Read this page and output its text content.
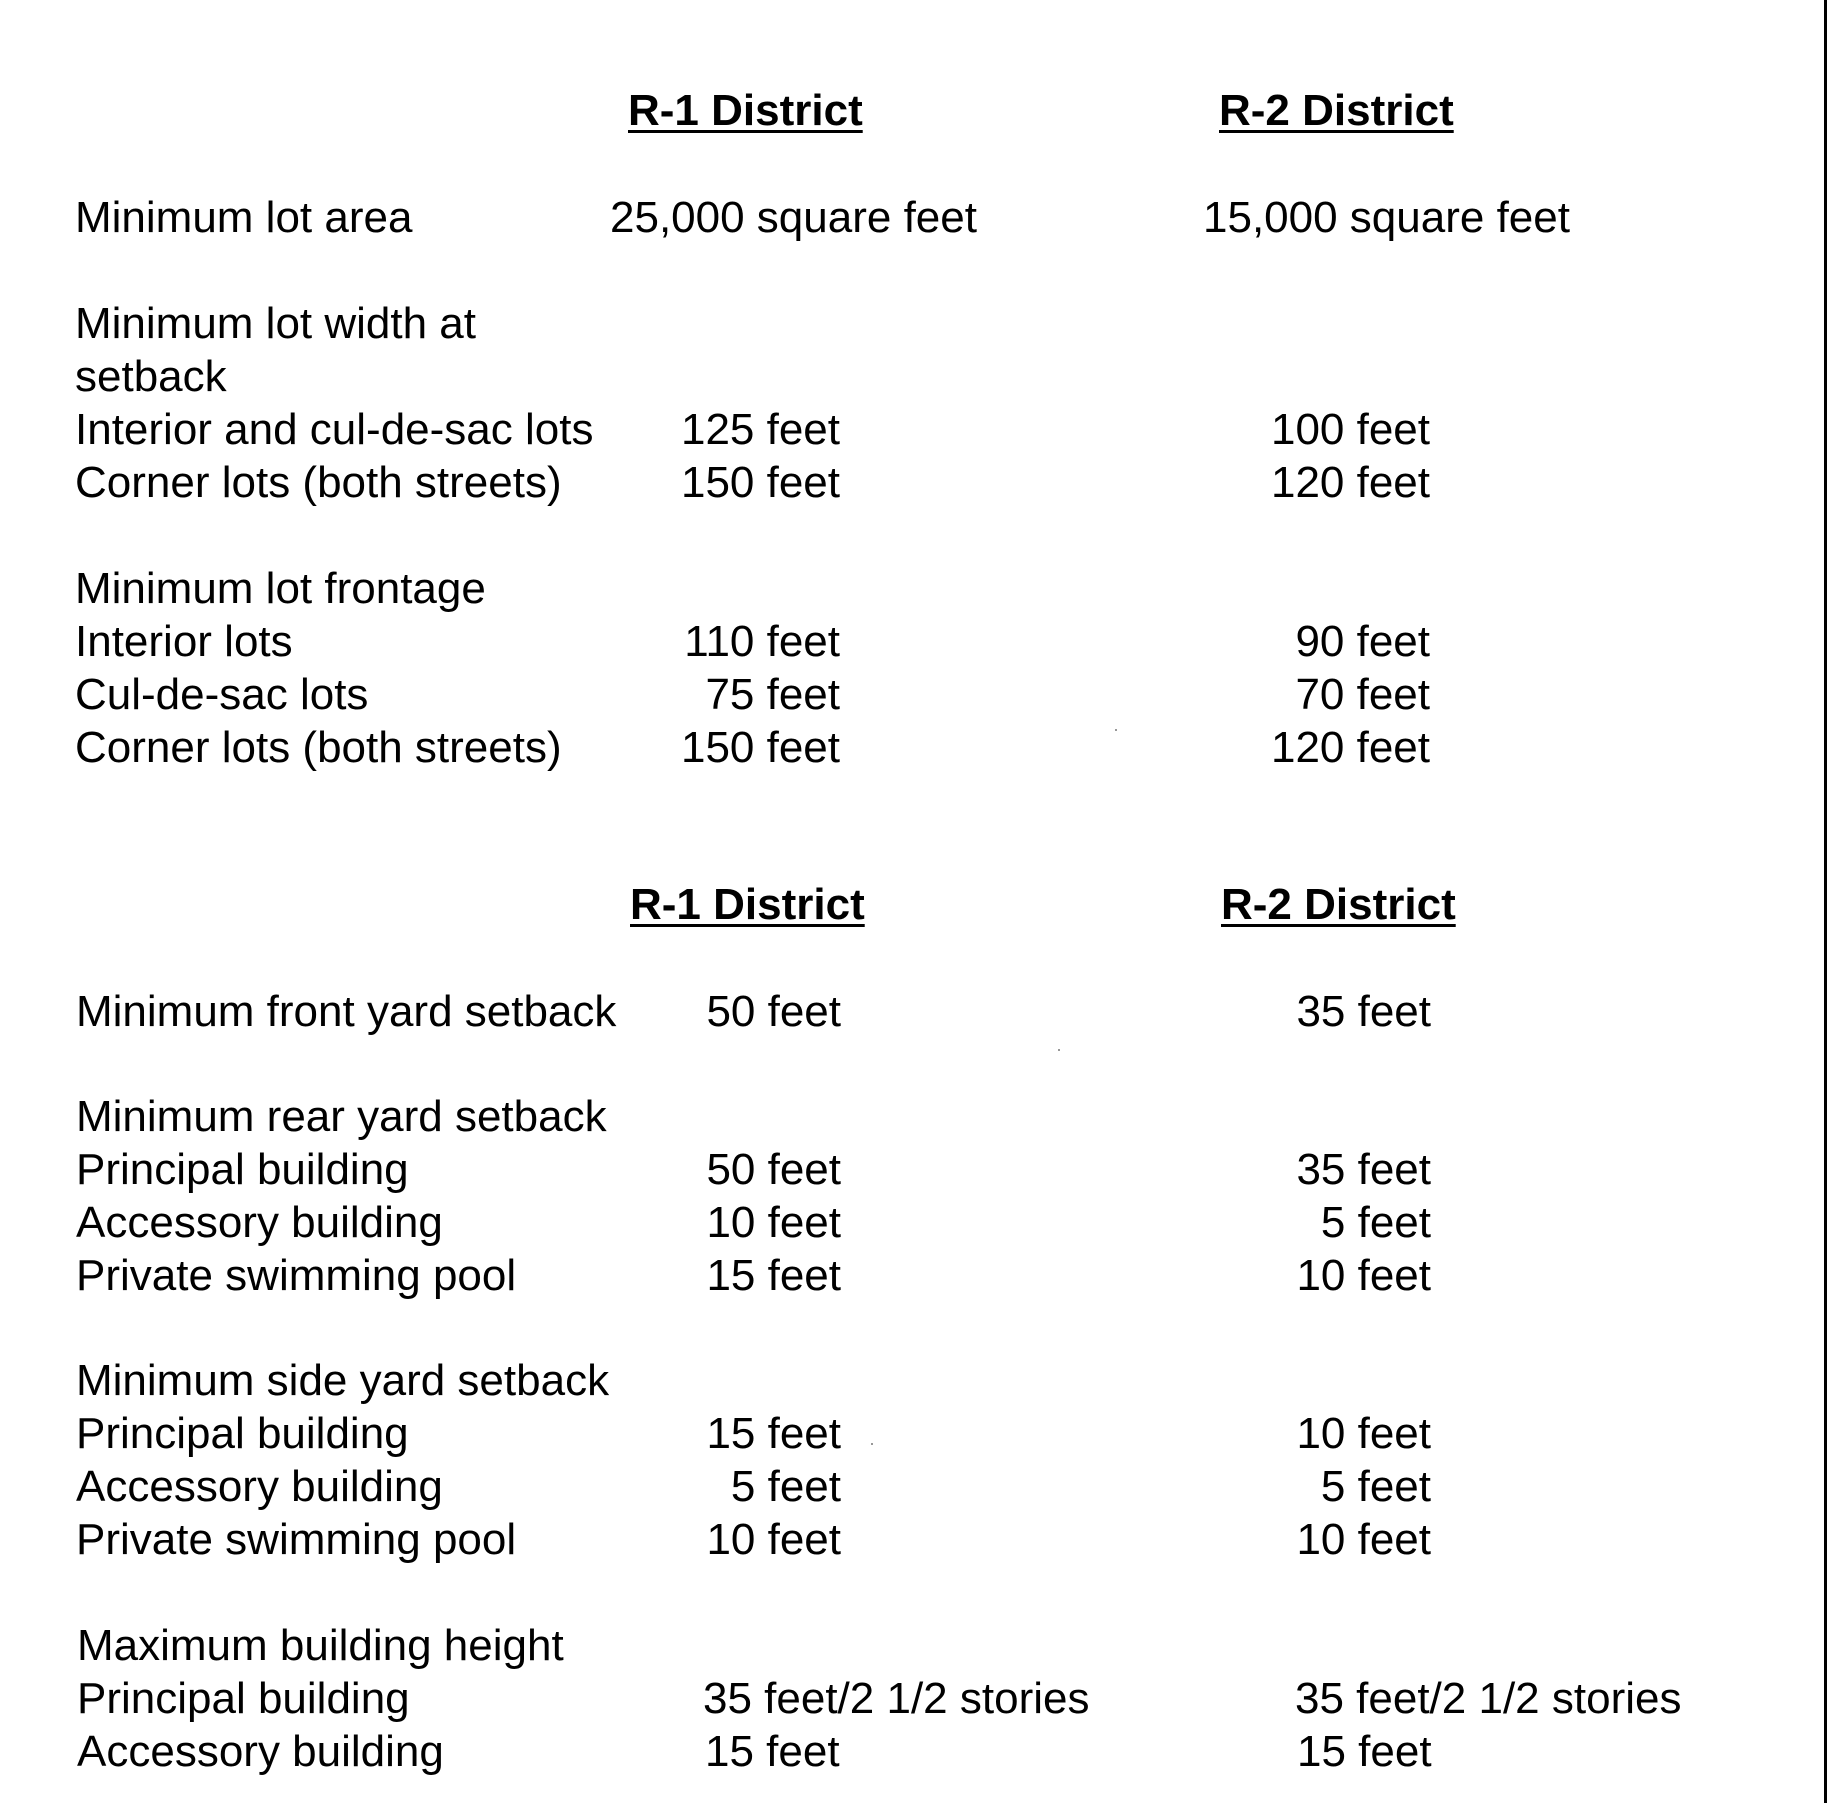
R-1 District	R-2 District
Minimum lot area	25,000 square feet	15,000 square feet
Minimum lot width at
setback
Interior and cul-de-sac lots	125 feet	100 feet
Corner lots (both streets)	150 feet	120 feet
Minimum lot frontage
Interior lots	110 feet	90 feet
Cul-de-sac lots	75 feet	70 feet
Corner lots (both streets)	150 feet	120 feet
R-1 District	R-2 District
Minimum front yard setback	50 feet	35 feet
Minimum rear yard setback
Principal building	50 feet	35 feet
Accessory building	10 feet	5 feet
Private swimming pool	15 feet	10 feet
Minimum side yard setback
Principal building	15 feet	10 feet
Accessory building	5 feet	5 feet
Private swimming pool	10 feet	10 feet
Maximum building height
Principal building	35 feet/2 1/2 stories	35 feet/2 1/2 stories
Accessory building	15 feet	15 feet
